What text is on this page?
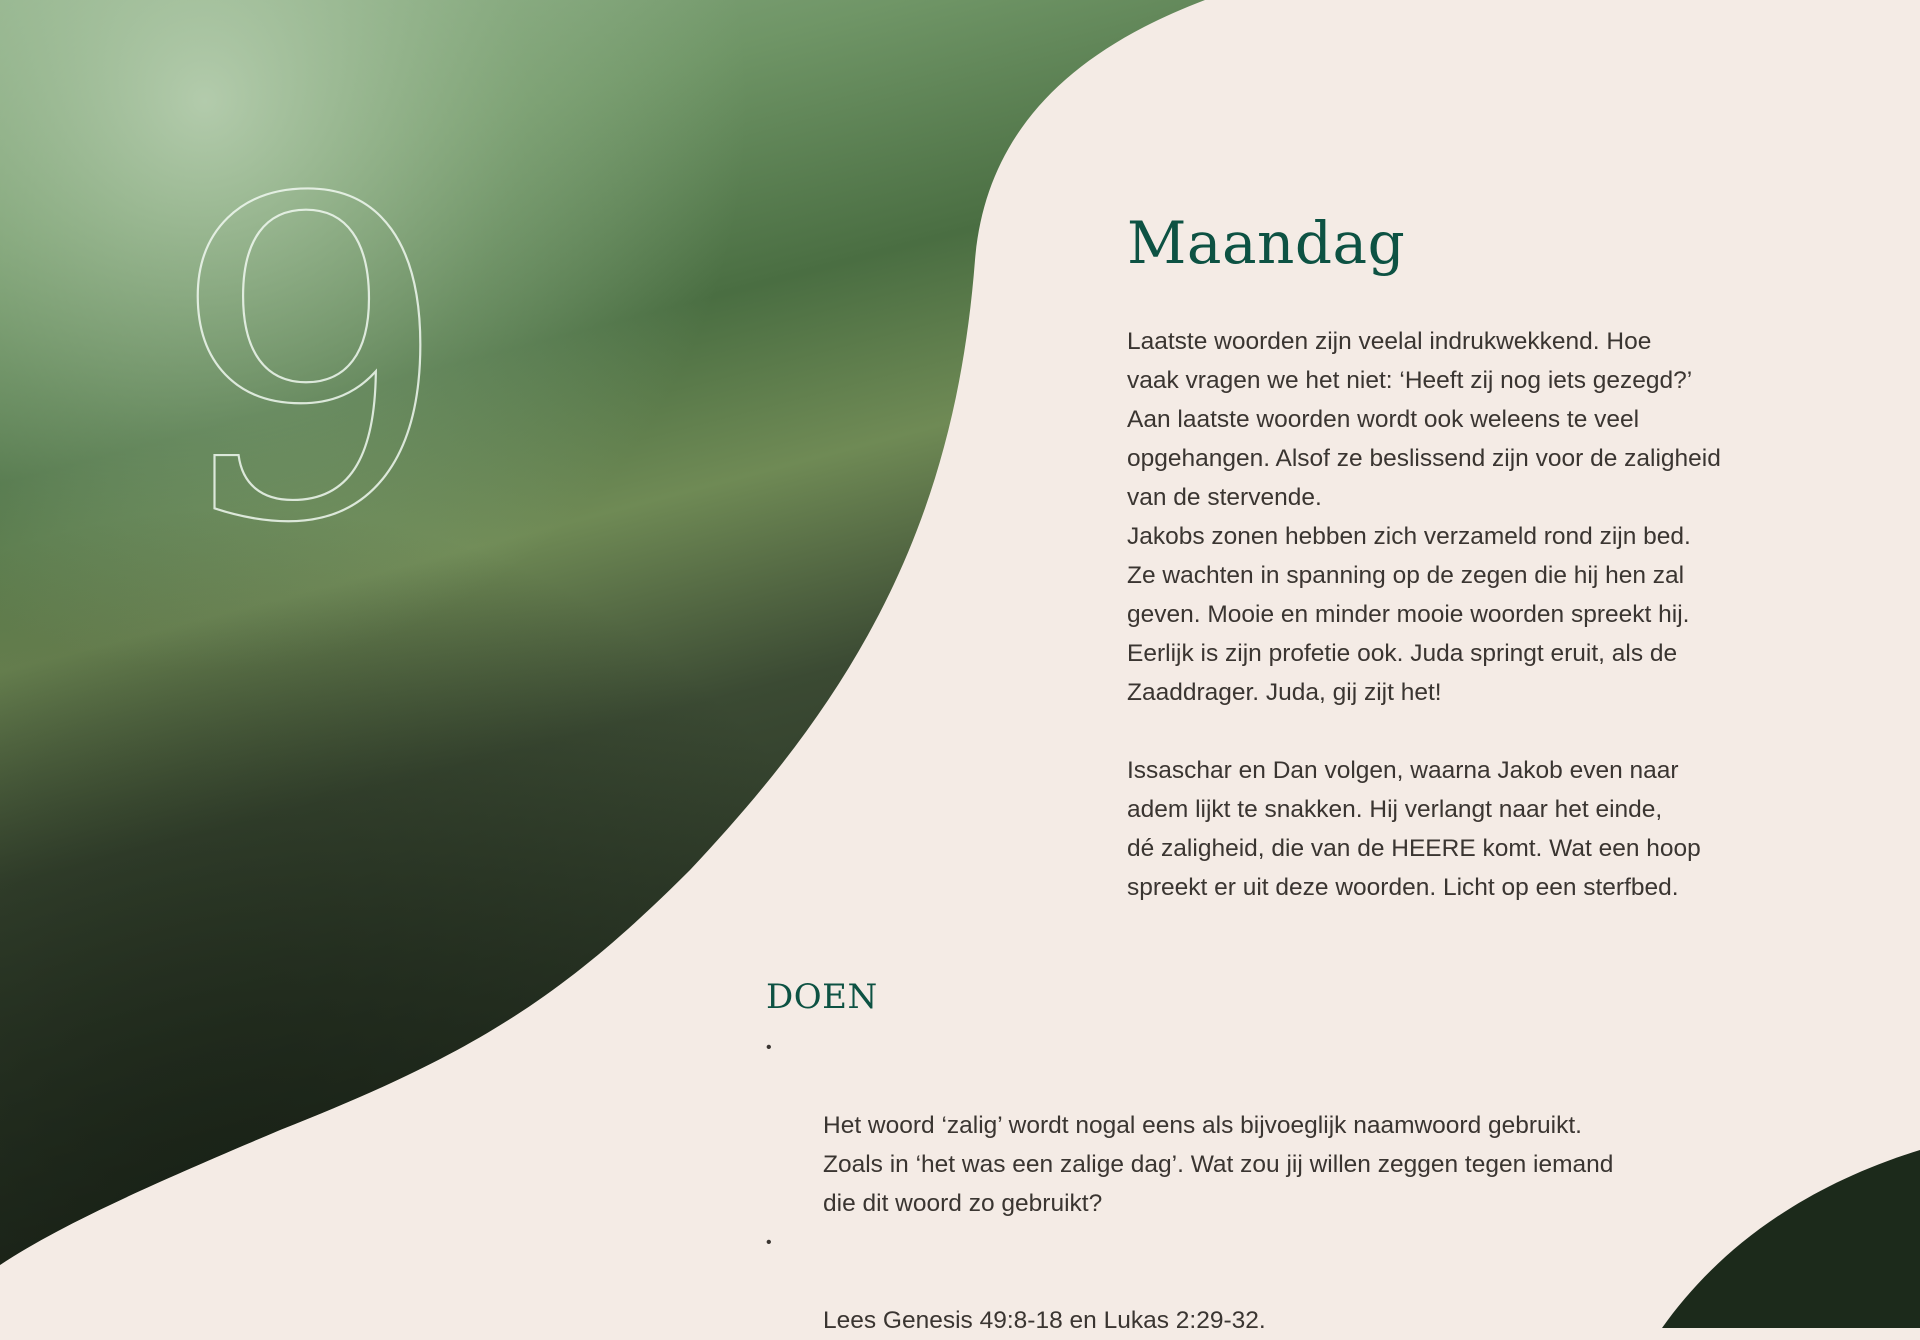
9	Maandag

Laatste woorden zijn veelal indrukwekkend. Hoe
vaak vragen we het niet: ‘Heeft zij nog iets gezegd?’
Aan laatste woorden wordt ook weleens te veel
opgehangen. Alsof ze beslissend zijn voor de zaligheid
van de stervende.
Jakobs zonen hebben zich verzameld rond zijn bed.
Ze wachten in spanning op de zegen die hij hen zal
geven. Mooie en minder mooie woorden spreekt hij.
Eerlijk is zijn profetie ook. Juda springt eruit, als de
Zaaddrager. Juda, gij zijt het!

Issaschar en Dan volgen, waarna Jakob even naar
adem lijkt te snakken. Hij verlangt naar het einde,
dé zaligheid, die van de HEERE komt. Wat een hoop
spreekt er uit deze woorden. Licht op een sterfbed.

DOEN

•

Het woord ‘zalig’ wordt nogal eens als bijvoeglijk naamwoord gebruikt.
Zoals in ‘het was een zalige dag’. Wat zou jij willen zeggen tegen iemand
die dit woord zo gebruikt?

•

Lees Genesis 49:8-18 en Lukas 2:29-32.
